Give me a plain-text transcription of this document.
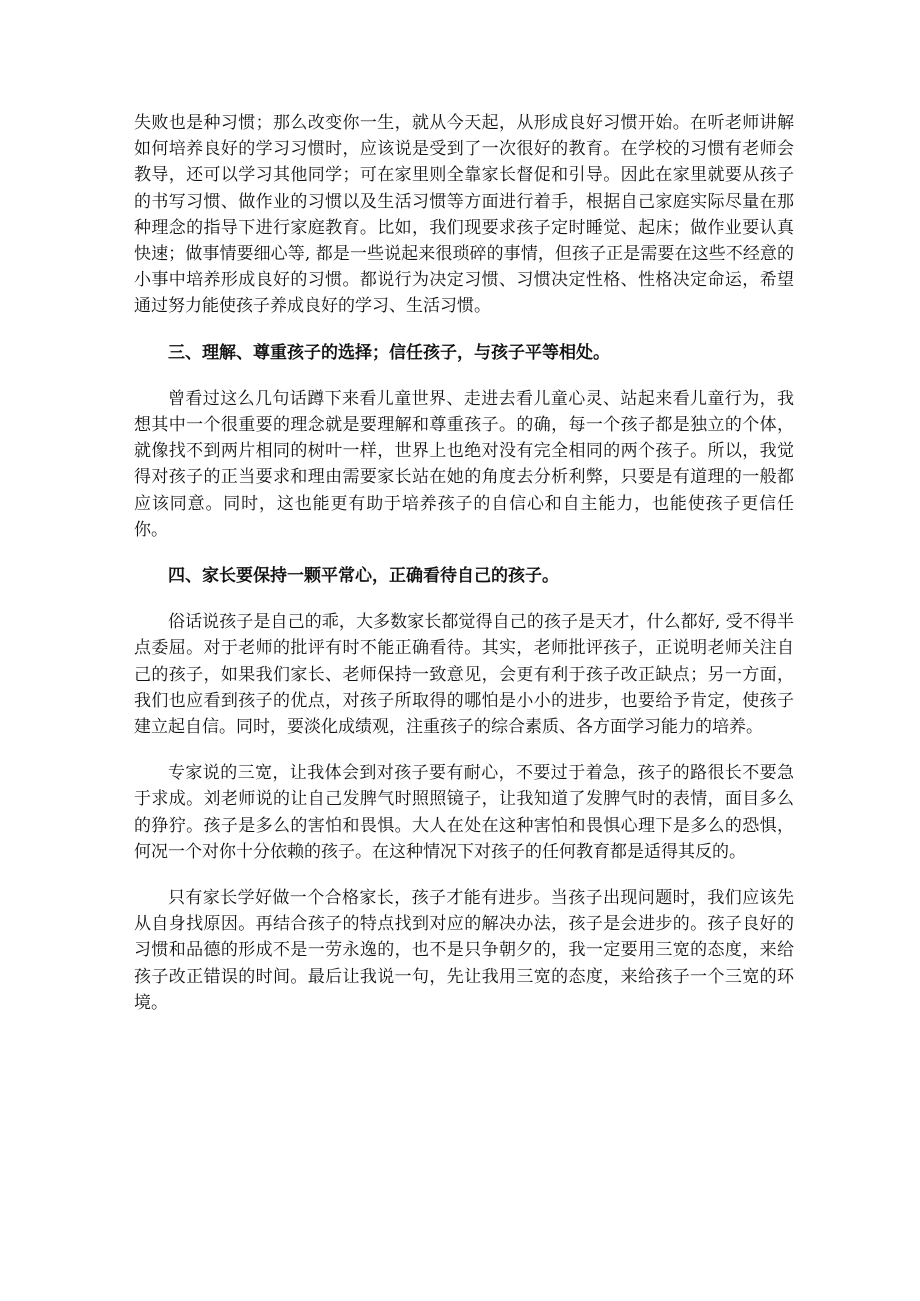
失败也是种习惯；那么改变你一生，就从今天起，从形成良好习惯开始。在听老师讲解如何培养良好的学习习惯时，应该说是受到了一次很好的教育。在学校的习惯有老师会教导，还可以学习其他同学；可在家里则全靠家长督促和引导。因此在家里就要从孩子的书写习惯、做作业的习惯以及生活习惯等方面进行着手，根据自己家庭实际尽量在那种理念的指导下进行家庭教育。比如，我们现要求孩子定时睡觉、起床；做作业要认真快速；做事情要细心等, 都是一些说起来很琐碎的事情，但孩子正是需要在这些不经意的小事中培养形成良好的习惯。都说行为决定习惯、习惯决定性格、性格决定命运，希望通过努力能使孩子养成良好的学习、生活习惯。

三、理解、尊重孩子的选择；信任孩子，与孩子平等相处。

曾看过这么几句话蹲下来看儿童世界、走进去看儿童心灵、站起来看儿童行为，我想其中一个很重要的理念就是要理解和尊重孩子。的确，每一个孩子都是独立的个体，就像找不到两片相同的树叶一样，世界上也绝对没有完全相同的两个孩子。所以，我觉得对孩子的正当要求和理由需要家长站在她的角度去分析利弊，只要是有道理的一般都应该同意。同时，这也能更有助于培养孩子的自信心和自主能力，也能使孩子更信任你。

四、家长要保持一颗平常心，正确看待自己的孩子。

俗话说孩子是自己的乖，大多数家长都觉得自己的孩子是天才，什么都好, 受不得半点委屈。对于老师的批评有时不能正确看待。其实，老师批评孩子，正说明老师关注自己的孩子，如果我们家长、老师保持一致意见，会更有利于孩子改正缺点；另一方面，我们也应看到孩子的优点，对孩子所取得的哪怕是小小的进步，也要给予肯定，使孩子建立起自信。同时，要淡化成绩观，注重孩子的综合素质、各方面学习能力的培养。

专家说的三宽，让我体会到对孩子要有耐心，不要过于着急，孩子的路很长不要急于求成。刘老师说的让自己发脾气时照照镜子，让我知道了发脾气时的表情，面目多么的狰狞。孩子是多么的害怕和畏惧。大人在处在这种害怕和畏惧心理下是多么的恐惧，何况一个对你十分依赖的孩子。在这种情况下对孩子的任何教育都是适得其反的。

只有家长学好做一个合格家长，孩子才能有进步。当孩子出现问题时，我们应该先从自身找原因。再结合孩子的特点找到对应的解决办法，孩子是会进步的。孩子良好的习惯和品德的形成不是一劳永逸的，也不是只争朝夕的，我一定要用三宽的态度，来给孩子改正错误的时间。最后让我说一句，先让我用三宽的态度，来给孩子一个三宽的环境。
